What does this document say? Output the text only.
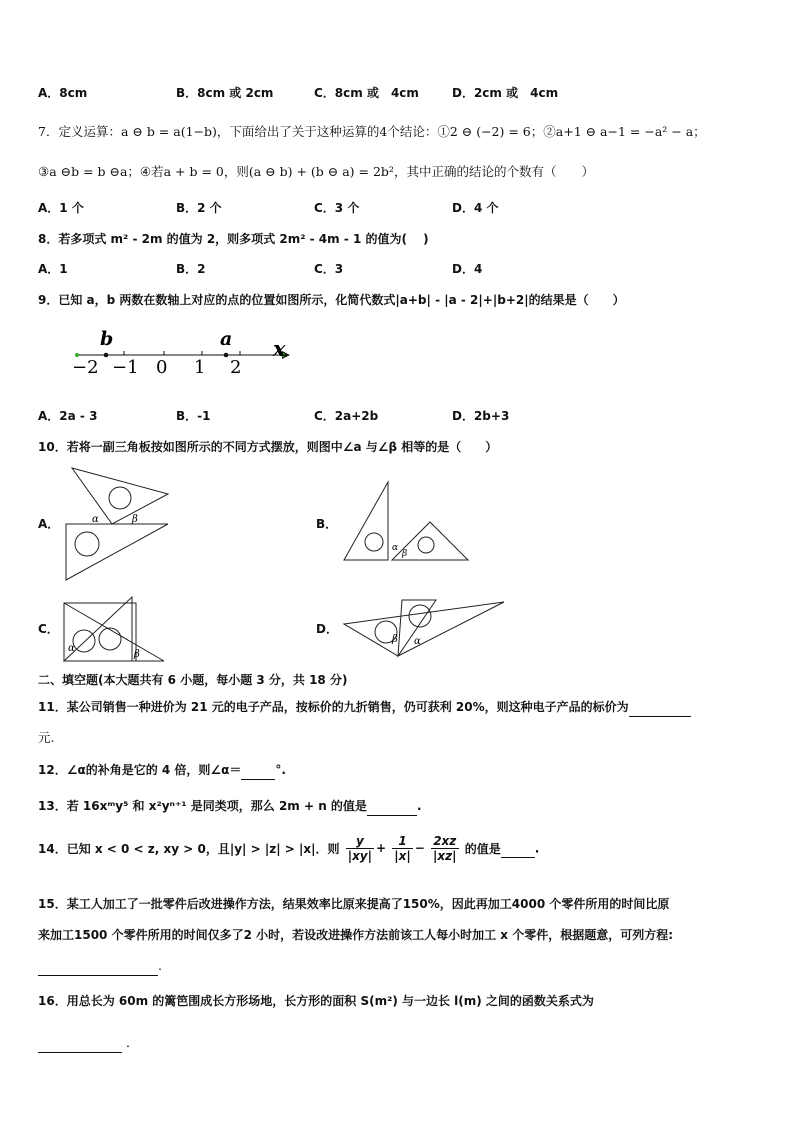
A．8cm	B．8cm 或 2cm	C．8cm 或　4cm	D．2cm 或　4cm
7．定义运算：a ⊖ b = a(1−b)，下面给出了关于这种运算的4个结论：①2 ⊖ (−2) = 6；②a+1 ⊖ a−1 = −a² − a；
③a ⊖b = b ⊖a；④若a + b = 0，则(a ⊖ b) + (b ⊖ a) = 2b²，其中正确的结论的个数有（　　）
A．1 个	B．2 个	C．3 个	D．4 个
8．若多项式 m² - 2m 的值为 2，则多项式 2m² - 4m - 1 的值为(　 )
A．1	B．2	C．3	D．4
9．已知 a，b 两数在数轴上对应的点的位置如图所示，化简代数式|a+b| - |a - 2|+|b+2|的结果是（　　）
b	a x
−2 −1 0 1 2
A．2a - 3	B．-1	C．2a+2b	D．2b+3
10．若将一副三角板按如图所示的不同方式摆放，则图中∠a 与∠β 相等的是（　　）
A．	α	β	B．
α
β
C．
α
β
D．
β α
二、填空题(本大题共有 6 小题，每小题 3 分，共 18 分)
11．某公司销售一种进价为 21 元的电子产品，按标价的九折销售，仍可获利 20%，则这种电子产品的标价为
元.
12．∠α的补角是它的 4 倍，则∠α＝	°.
13．若 16xᵐy⁵ 和 x²yⁿ⁺¹ 是同类项，那么 2m + n 的值是	.
14．已知 x < 0 < z, xy > 0，且|y| > |z| > |x|．则 $\frac{y}{|xy|} + \frac{1}{|x|} - \frac{2xz}{|xz|}$ 的值是	.
15．某工人加工了一批零件后改进操作方法，结果效率比原来提高了150%，因此再加工4000 个零件所用的时间比原
来加工1500 个零件所用的时间仅多了2 小时，若设改进操作方法前该工人每小时加工 x 个零件，根据题意，可列方程:
.
16．用总长为 60m 的篱笆围成长方形场地，长方形的面积 S(m²) 与一边长 l(m) 之间的函数关系式为
．
